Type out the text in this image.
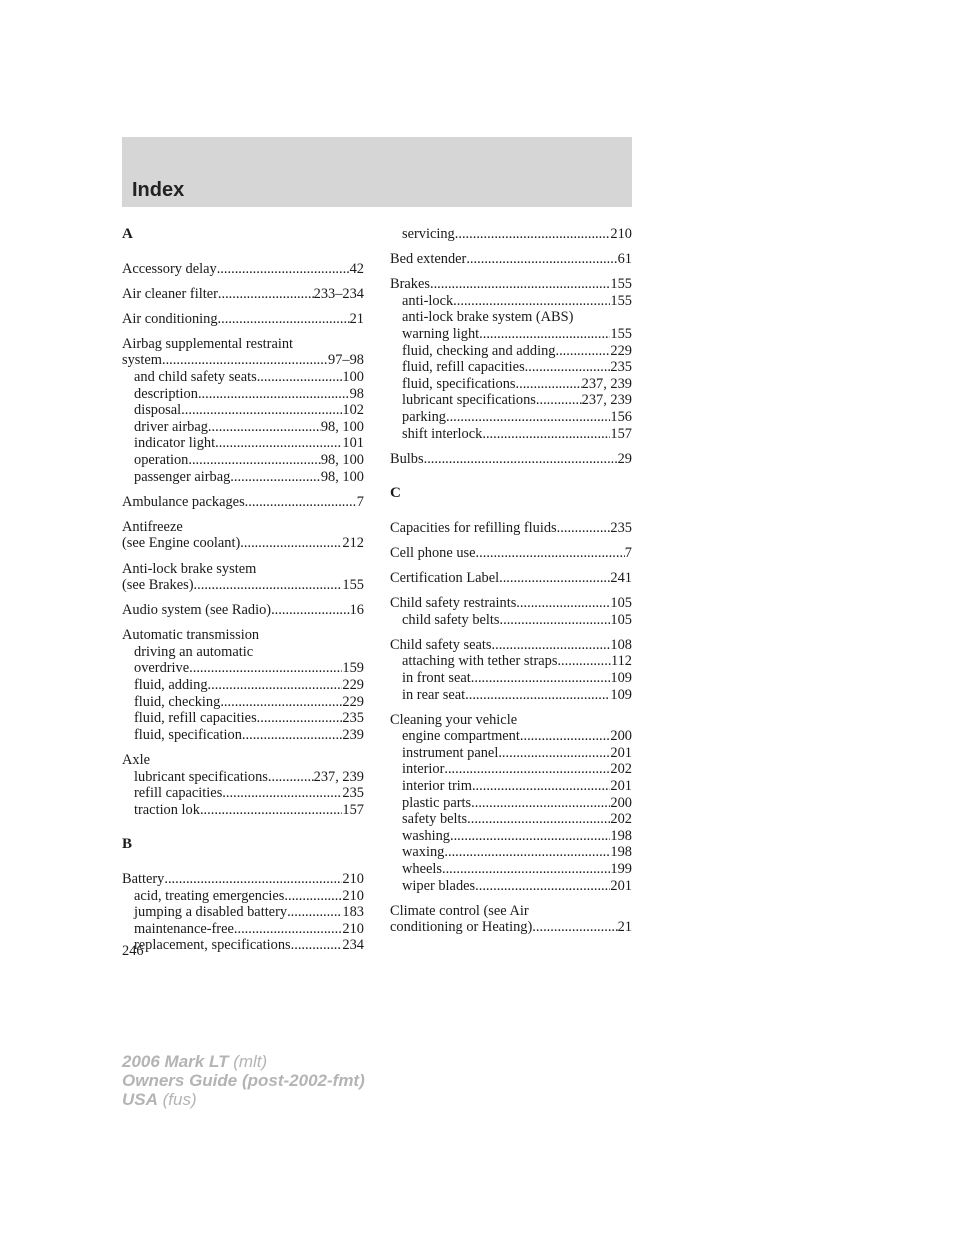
Index
A
Accessory delay .....	42
Air cleaner filter .....	233–234
Air conditioning .....	21
Airbag supplemental restraint
system .....	97–98
and child safety seats .....	100
description .....	98
disposal .....	102
driver airbag .....	98, 100
indicator light .....	101
operation .....	98, 100
passenger airbag .....	98, 100
Ambulance packages .....	7
Antifreeze
(see Engine coolant) .....	212
Anti-lock brake system
(see Brakes) .....	155
Audio system (see Radio) .....	16
Automatic transmission
driving an automatic
overdrive .....	159
fluid, adding .....	229
fluid, checking .....	229
fluid, refill capacities .....	235
fluid, specification .....	239
Axle
lubricant specifications .....	237, 239
refill capacities .....	235
traction lok .....	157
B
Battery .....	210
acid, treating emergencies .....	210
jumping a disabled battery .....	183
maintenance-free .....	210
replacement, specifications .....	234
servicing .....	210
Bed extender .....	61
Brakes .....	155
anti-lock .....	155
anti-lock brake system (ABS)
warning light .....	155
fluid, checking and adding .....	229
fluid, refill capacities .....	235
fluid, specifications .....	237, 239
lubricant specifications .....	237, 239
parking .....	156
shift interlock .....	157
Bulbs .....	29
C
Capacities for refilling fluids .....	235
Cell phone use .....	7
Certification Label .....	241
Child safety restraints .....	105
child safety belts .....	105
Child safety seats .....	108
attaching with tether straps .....	112
in front seat .....	109
in rear seat .....	109
Cleaning your vehicle
engine compartment .....	200
instrument panel .....	201
interior .....	202
interior trim .....	201
plastic parts .....	200
safety belts .....	202
washing .....	198
waxing .....	198
wheels .....	199
wiper blades .....	201
Climate control (see Air
conditioning or Heating) .....	21
246
2006 Mark LT (mlt)
Owners Guide (post-2002-fmt)
USA (fus)
